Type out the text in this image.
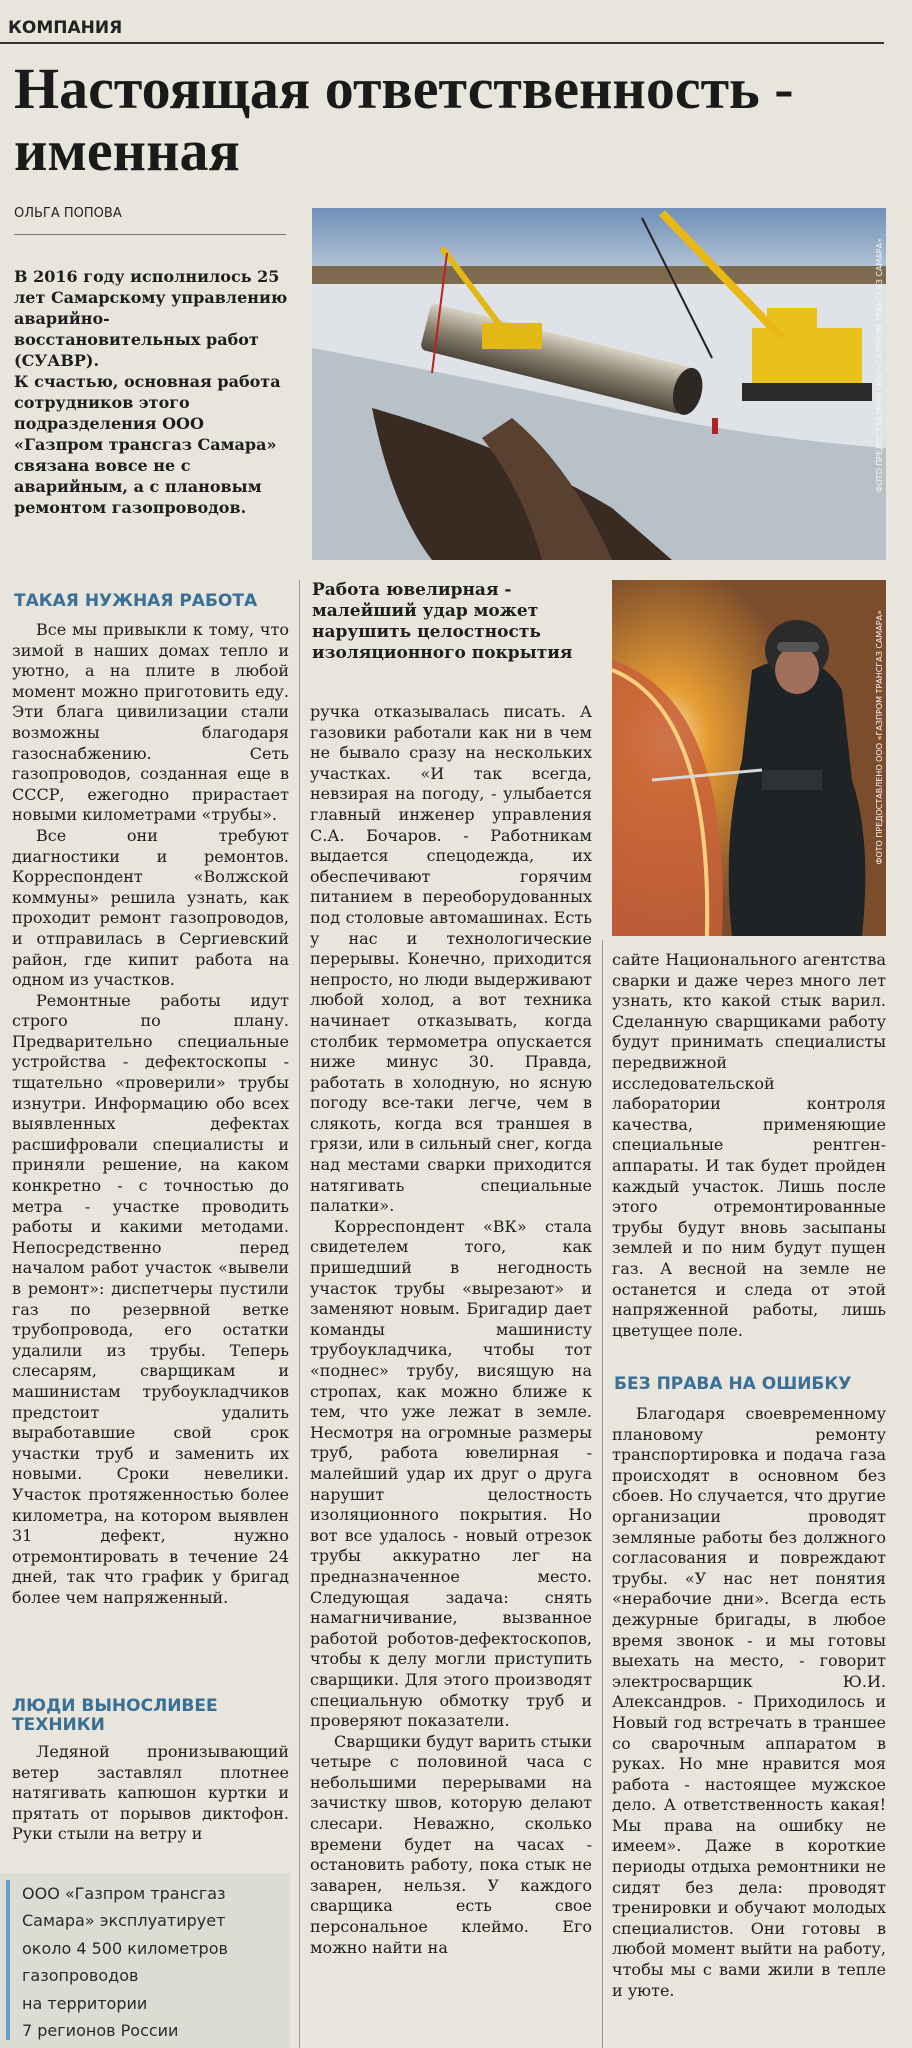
КОМПАНИЯ
Настоящая ответственность - именная
ОЛЬГА ПОПОВА

В 2016 году исполнилось 25 лет Самарскому управлению аварийно-восстановительных работ (СУАВР).

К счастью, основная работа сотрудников этого подразделения ООО «Газпром трансгаз Самара» связана вовсе не с аварийным, а с плановым ремонтом газопроводов.

ФОТО ПРЕДОСТАВЛЕНО ООО «ГАЗПРОМ ТРАНСГАЗ САМАРА»
Работа ювелирная - малейший удар может нарушить целостность изоляционного покрытия	ФОТО ПРЕДОСТАВЛЕНО ООО «ГАЗПРОМ ТРАНСГАЗ САМАРА»
ТАКАЯ НУЖНАЯ РАБОТА

Все мы привыкли к тому, что зимой в наших домах тепло и уютно, а на плите в любой момент можно приготовить еду. Эти блага цивилизации стали возможны благодаря газоснабжению. Сеть газопроводов, созданная еще в СССР, ежегодно прирастает новыми километрами «трубы».

Все они требуют диагностики и ремонтов. Корреспондент «Волжской коммуны» решила узнать, как проходит ремонт газопроводов, и отправилась в Сергиевский район, где кипит работа на одном из участков.

Ремонтные работы идут строго по плану. Предварительно специальные устройства - дефектоскопы - тщательно «проверили» трубы изнутри. Информацию обо всех выявленных дефектах расшифровали специалисты и приняли решение, на каком конкретно - с точностью до метра - участке проводить работы и какими методами. Непосредственно перед началом работ участок «вывели в ремонт»: диспетчеры пустили газ по резервной ветке трубопровода, его остатки удалили из трубы. Теперь слесарям, сварщикам и машинистам трубоукладчиков предстоит удалить выработавшие свой срок участки труб и заменить их новыми. Сроки невелики. Участок протяженностью более километра, на котором выявлен 31 дефект, нужно отремонтировать в течение 24 дней, так что график у бригад более чем напряженный.

ЛЮДИ ВЫНОСЛИВЕЕ ТЕХНИКИ

Ледяной пронизывающий ветер заставлял плотнее натягивать капюшон куртки и прятать от порывов диктофон. Руки стыли на ветру и

ООО «Газпром трансгаз
Самара» эксплуатирует
около 4 500 километров
газопроводов
на территории
7 регионов России

ручка отказывалась писать. А газовики работали как ни в чем не бывало сразу на нескольких участках. «И так всегда, невзирая на погоду, - улыбается главный инженер управления С.А. Бочаров. - Работникам выдается спецодежда, их обеспечивают горячим питанием в переоборудованных под столовые автомашинах. Есть у нас и технологические перерывы. Конечно, приходится непросто, но люди выдерживают любой холод, а вот техника начинает отказывать, когда столбик термометра опускается ниже минус 30. Правда, работать в холодную, но ясную погоду все-таки легче, чем в слякоть, когда вся траншея в грязи, или в сильный снег, когда над местами сварки приходится натягивать специальные палатки».

Корреспондент «ВК» стала свидетелем того, как пришедший в негодность участок трубы «вырезают» и заменяют новым. Бригадир дает команды машинисту трубоукладчика, чтобы тот «поднес» трубу, висящую на стропах, как можно ближе к тем, что уже лежат в земле. Несмотря на огромные размеры труб, работа ювелирная - малейший удар их друг о друга нарушит целостность изоляционного покрытия. Но вот все удалось - новый отрезок трубы аккуратно лег на предназначенное место. Следующая задача: снять намагничивание, вызванное работой роботов-дефектоскопов, чтобы к делу могли приступить сварщики. Для этого производят специальную обмотку труб и проверяют показатели.

Сварщики будут варить стыки четыре с половиной часа с небольшими перерывами на зачистку швов, которую делают слесари. Неважно, сколько времени будет на часах - остановить работу, пока стык не заварен, нельзя. У каждого сварщика есть свое персональное клеймо. Его можно найти на

сайте Национального агентства сварки и даже через много лет узнать, кто какой стык варил. Сделанную сварщиками работу будут принимать специалисты передвижной исследовательской лаборатории контроля качества, применяющие специальные рентген-аппараты. И так будет пройден каждый участок. Лишь после этого отремонтированные трубы будут вновь засыпаны землей и по ним будут пущен газ. А весной на земле не останется и следа от этой напряженной работы, лишь цветущее поле.

БЕЗ ПРАВА НА ОШИБКУ

Благодаря своевременному плановому ремонту транспортировка и подача газа происходят в основном без сбоев. Но случается, что другие организации проводят земляные работы без должного согласования и повреждают трубы. «У нас нет понятия «нерабочие дни». Всегда есть дежурные бригады, в любое время звонок - и мы готовы выехать на место, - говорит электросварщик Ю.И. Александров. - Приходилось и Новый год встречать в траншее со сварочным аппаратом в руках. Но мне нравится моя работа - настоящее мужское дело. А ответственность какая! Мы права на ошибку не имеем». Даже в короткие периоды отдыха ремонтники не сидят без дела: проводят тренировки и обучают молодых специалистов. Они готовы в любой момент выйти на работу, чтобы мы с вами жили в тепле и уюте.
